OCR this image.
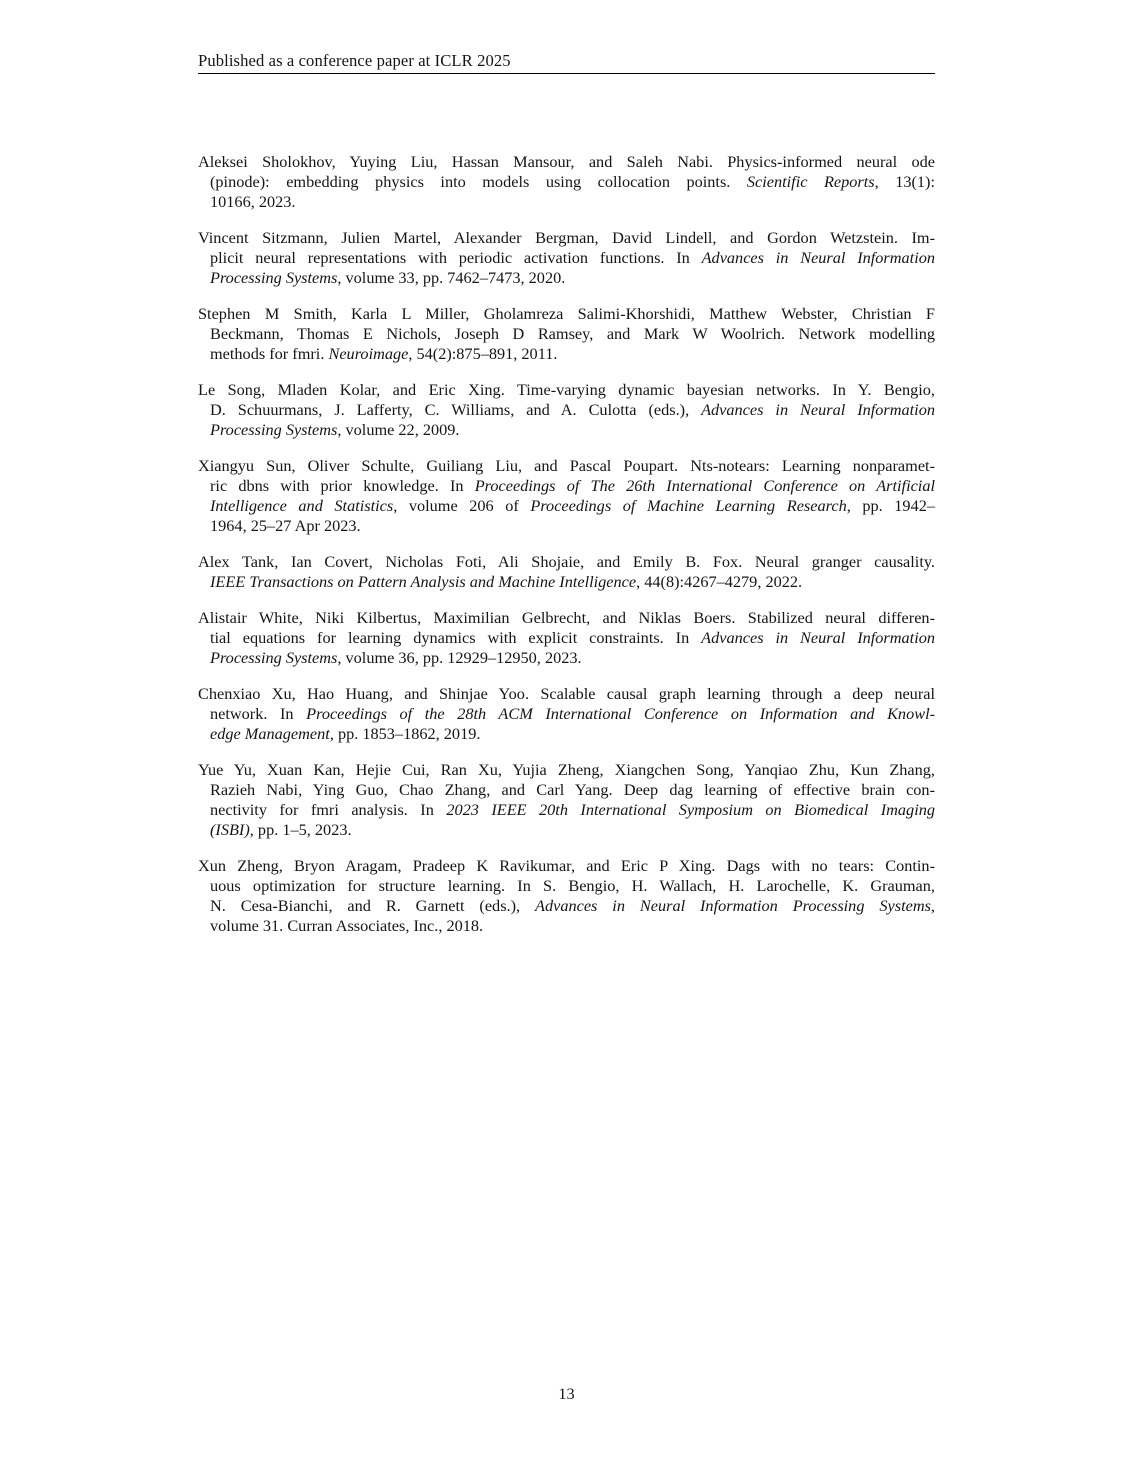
Published as a conference paper at ICLR 2025

Aleksei Sholokhov, Yuying Liu, Hassan Mansour, and Saleh Nabi. Physics-informed neural ode
(pinode): embedding physics into models using collocation points. Scientific Reports, 13(1):
10166, 2023.

Vincent Sitzmann, Julien Martel, Alexander Bergman, David Lindell, and Gordon Wetzstein. Im-
plicit neural representations with periodic activation functions. In Advances in Neural Information
Processing Systems, volume 33, pp. 7462–7473, 2020.

Stephen M Smith, Karla L Miller, Gholamreza Salimi-Khorshidi, Matthew Webster, Christian F
Beckmann, Thomas E Nichols, Joseph D Ramsey, and Mark W Woolrich. Network modelling
methods for fmri. Neuroimage, 54(2):875–891, 2011.

Le Song, Mladen Kolar, and Eric Xing. Time-varying dynamic bayesian networks. In Y. Bengio,
D. Schuurmans, J. Lafferty, C. Williams, and A. Culotta (eds.), Advances in Neural Information
Processing Systems, volume 22, 2009.

Xiangyu Sun, Oliver Schulte, Guiliang Liu, and Pascal Poupart. Nts-notears: Learning nonparamet-
ric dbns with prior knowledge. In Proceedings of The 26th International Conference on Artificial
Intelligence and Statistics, volume 206 of Proceedings of Machine Learning Research, pp. 1942–
1964, 25–27 Apr 2023.

Alex Tank, Ian Covert, Nicholas Foti, Ali Shojaie, and Emily B. Fox. Neural granger causality.
IEEE Transactions on Pattern Analysis and Machine Intelligence, 44(8):4267–4279, 2022.

Alistair White, Niki Kilbertus, Maximilian Gelbrecht, and Niklas Boers. Stabilized neural differen-
tial equations for learning dynamics with explicit constraints. In Advances in Neural Information
Processing Systems, volume 36, pp. 12929–12950, 2023.

Chenxiao Xu, Hao Huang, and Shinjae Yoo. Scalable causal graph learning through a deep neural
network. In Proceedings of the 28th ACM International Conference on Information and Knowl-
edge Management, pp. 1853–1862, 2019.

Yue Yu, Xuan Kan, Hejie Cui, Ran Xu, Yujia Zheng, Xiangchen Song, Yanqiao Zhu, Kun Zhang,
Razieh Nabi, Ying Guo, Chao Zhang, and Carl Yang. Deep dag learning of effective brain con-
nectivity for fmri analysis. In 2023 IEEE 20th International Symposium on Biomedical Imaging
(ISBI), pp. 1–5, 2023.

Xun Zheng, Bryon Aragam, Pradeep K Ravikumar, and Eric P Xing. Dags with no tears: Contin-
uous optimization for structure learning. In S. Bengio, H. Wallach, H. Larochelle, K. Grauman,
N. Cesa-Bianchi, and R. Garnett (eds.), Advances in Neural Information Processing Systems,
volume 31. Curran Associates, Inc., 2018.

13
